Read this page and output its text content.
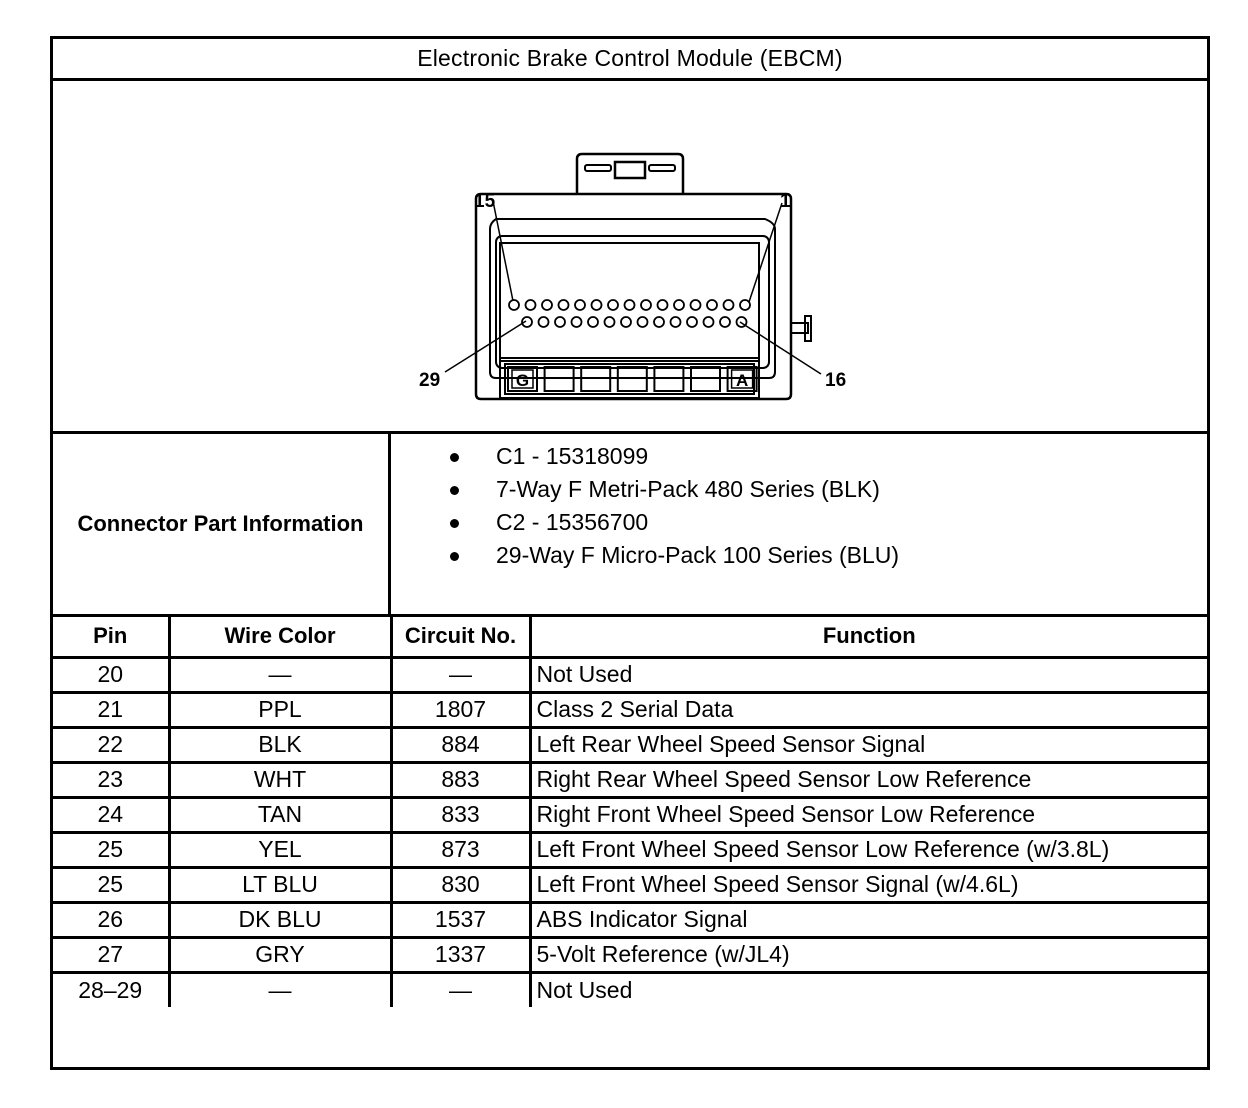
Electronic Brake Control Module (EBCM)
G	A
15	1
29	16
Connector Part Information
C1 - 15318099
7-Way F Metri-Pack 480 Series (BLK)
C2 - 15356700
29-Way F Micro-Pack 100 Series (BLU)
Pin	Wire Color	Circuit No.	Function
20	—	—	Not Used
21	PPL	1807	Class 2 Serial Data
22	BLK	884	Left Rear Wheel Speed Sensor Signal
23	WHT	883	Right Rear Wheel Speed Sensor Low Reference
24	TAN	833	Right Front Wheel Speed Sensor Low Reference
25	YEL	873	Left Front Wheel Speed Sensor Low Reference (w/3.8L)
25	LT BLU	830	Left Front Wheel Speed Sensor Signal (w/4.6L)
26	DK BLU	1537	ABS Indicator Signal
27	GRY	1337	5-Volt Reference (w/JL4)
28–29	—	—	Not Used
